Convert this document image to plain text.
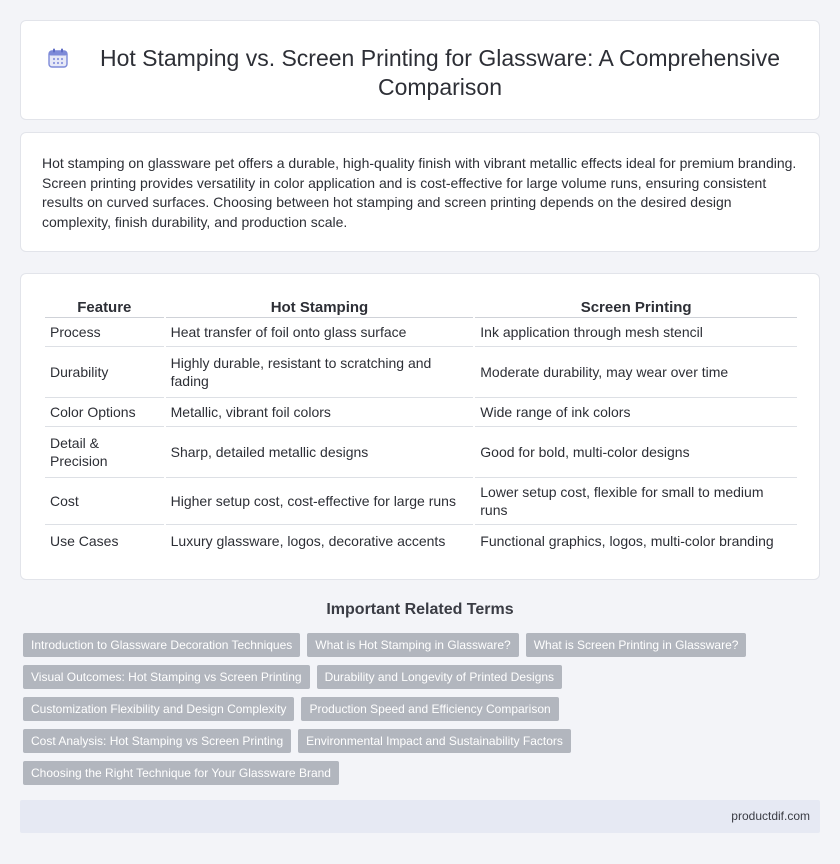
Hot Stamping vs. Screen Printing for Glassware: A Comprehensive Comparison

Hot stamping on glassware pet offers a durable, high-quality finish with vibrant metallic effects ideal for premium branding. Screen printing provides versatility in color application and is cost-effective for large volume runs, ensuring consistent results on curved surfaces. Choosing between hot stamping and screen printing depends on the desired design complexity, finish durability, and production scale.

Feature	Hot Stamping	Screen Printing
Process	Heat transfer of foil onto glass surface	Ink application through mesh stencil
Durability	Highly durable, resistant to scratching and fading	Moderate durability, may wear over time
Color Options	Metallic, vibrant foil colors	Wide range of ink colors
Detail & Precision	Sharp, detailed metallic designs	Good for bold, multi-color designs
Cost	Higher setup cost, cost-effective for large runs	Lower setup cost, flexible for small to medium runs
Use Cases	Luxury glassware, logos, decorative accents	Functional graphics, logos, multi-color branding
Important Related Terms
Introduction to Glassware Decoration Techniques	What is Hot Stamping in Glassware?	What is Screen Printing in Glassware?
Visual Outcomes: Hot Stamping vs Screen Printing	Durability and Longevity of Printed Designs
Customization Flexibility and Design Complexity	Production Speed and Efficiency Comparison
Cost Analysis: Hot Stamping vs Screen Printing	Environmental Impact and Sustainability Factors
Choosing the Right Technique for Your Glassware Brand
productdif.com
